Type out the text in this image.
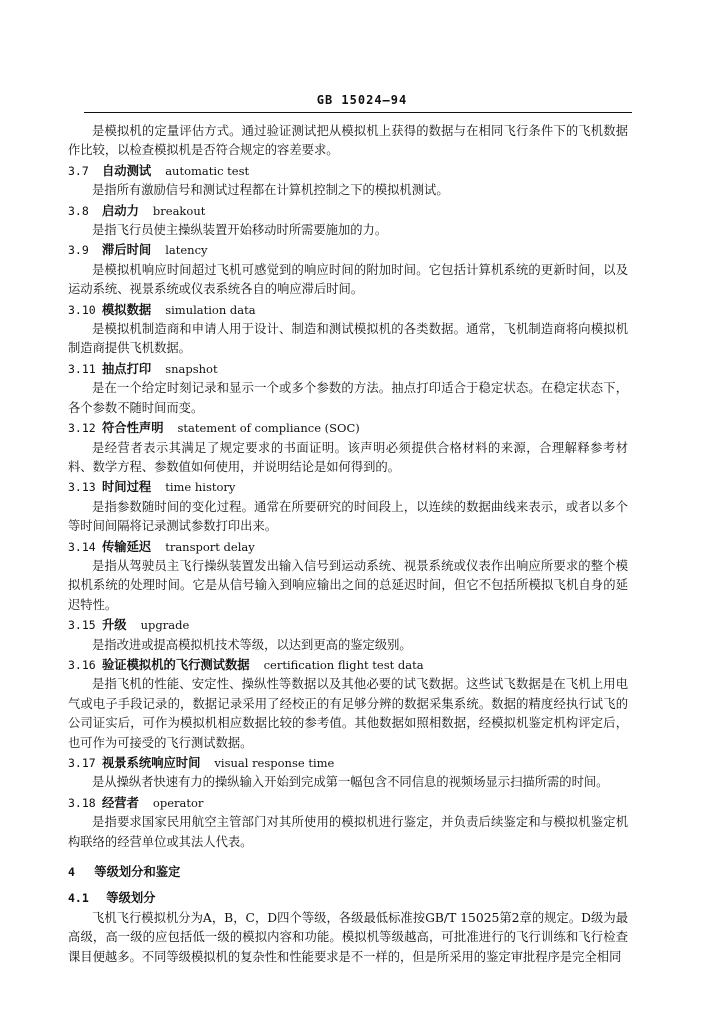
GB 15024—94

是模拟机的定量评估方式。通过验证测试把从模拟机上获得的数据与在相同飞行条件下的飞机数据作比较，以检查模拟机是否符合规定的容差要求。

3.7 自动测试 automatic test

是指所有激励信号和测试过程都在计算机控制之下的模拟机测试。

3.8 启动力 breakout

是指飞行员使主操纵装置开始移动时所需要施加的力。

3.9 滞后时间 latency

是模拟机响应时间超过飞机可感觉到的响应时间的附加时间。它包括计算机系统的更新时间，以及运动系统、视景系统或仪表系统各自的响应滞后时间。

3.10 模拟数据 simulation data

是模拟机制造商和申请人用于设计、制造和测试模拟机的各类数据。通常，飞机制造商将向模拟机制造商提供飞机数据。

3.11 抽点打印 snapshot

是在一个给定时刻记录和显示一个或多个参数的方法。抽点打印适合于稳定状态。在稳定状态下，各个参数不随时间而变。

3.12 符合性声明 statement of compliance (SOC)

是经营者表示其满足了规定要求的书面证明。该声明必须提供合格材料的来源，合理解释参考材料、数学方程、参数值如何使用，并说明结论是如何得到的。

3.13 时间过程 time history

是指参数随时间的变化过程。通常在所要研究的时间段上，以连续的数据曲线来表示，或者以多个等时间间隔将记录测试参数打印出来。

3.14 传输延迟 transport delay

是指从驾驶员主飞行操纵装置发出输入信号到运动系统、视景系统或仪表作出响应所要求的整个模拟机系统的处理时间。它是从信号输入到响应输出之间的总延迟时间，但它不包括所模拟飞机自身的延迟特性。

3.15 升级 upgrade

是指改进或提高模拟机技术等级，以达到更高的鉴定级别。

3.16 验证模拟机的飞行测试数据 certification flight test data

是指飞机的性能、安定性、操纵性等数据以及其他必要的试飞数据。这些试飞数据是在飞机上用电气或电子手段记录的，数据记录采用了经校正的有足够分辨的数据采集系统。数据的精度经执行试飞的公司证实后，可作为模拟机相应数据比较的参考值。其他数据如照相数据，经模拟机鉴定机构评定后，也可作为可接受的飞行测试数据。

3.17 视景系统响应时间 visual response time

是从操纵者快速有力的操纵输入开始到完成第一幅包含不同信息的视频场显示扫描所需的时间。

3.18 经营者 operator

是指要求国家民用航空主管部门对其所使用的模拟机进行鉴定，并负责后续鉴定和与模拟机鉴定机构联络的经营单位或其法人代表。

4 等级划分和鉴定
4.1 等级划分

飞机飞行模拟机分为A，B，C，D四个等级，各级最低标准按GB/T 15025第2章的规定。D级为最高级，高一级的应包括低一级的模拟内容和功能。模拟机等级越高，可批准进行的飞行训练和飞行检查课目便越多。不同等级模拟机的复杂性和性能要求是不一样的，但是所采用的鉴定审批程序是完全相同
